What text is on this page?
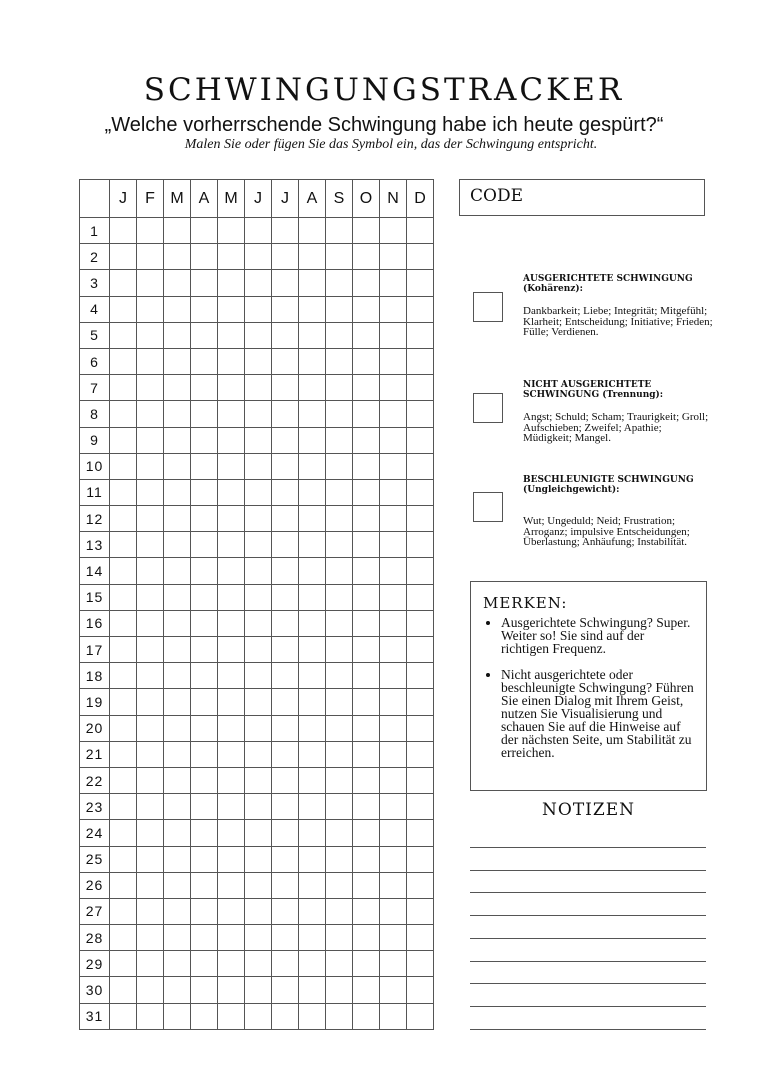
SCHWINGUNGSTRACKER
„Welche vorherrschende Schwingung habe ich heute gespürt?“
Malen Sie oder fügen Sie das Symbol ein, das der Schwingung entspricht.
	J	F	M	A	M	J	J	A	S	O	N	D
1												
2												
3												
4												
5												
6												
7												
8												
9												
10												
11												
12												
13												
14												
15												
16												
17												
18												
19												
20												
21												
22												
23												
24												
25												
26												
27												
28												
29												
30												
31												
CODE
AUSGERICHTETE SCHWINGUNG (Kohärenz):
Dankbarkeit; Liebe; Integrität; Mitgefühl; Klarheit; Entscheidung; Initiative; Frieden; Fülle; Verdienen.
NICHT AUSGERICHTETE SCHWINGUNG (Trennung):
Angst; Schuld; Scham; Traurigkeit; Groll; Aufschieben; Zweifel; Apathie; Müdigkeit; Mangel.
BESCHLEUNIGTE SCHWINGUNG (Ungleichgewicht):
Wut; Ungeduld; Neid; Frustration; Arroganz; impulsive Entscheidungen; Überlastung; Anhäufung; Instabilität.
MERKEN:
• Ausgerichtete Schwingung? Super. Weiter so! Sie sind auf der richtigen Frequenz.
• Nicht ausgerichtete oder beschleunigte Schwingung? Führen Sie einen Dialog mit Ihrem Geist, nutzen Sie Visualisierung und schauen Sie auf die Hinweise auf der nächsten Seite, um Stabilität zu erreichen.
NOTIZEN
